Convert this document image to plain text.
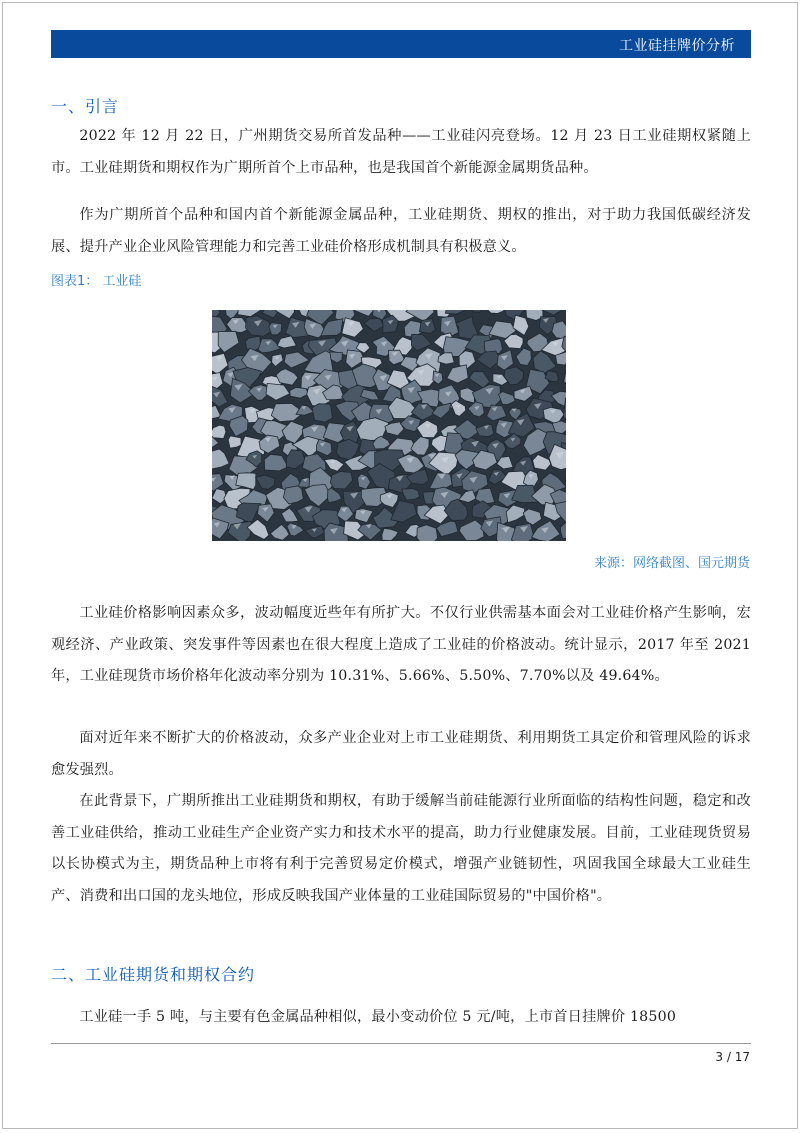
工业硅挂牌价分析
一、引言

2022 年 12 月 22 日，广州期货交易所首发品种——工业硅闪亮登场。12 月 23 日工业硅期权紧随上市。工业硅期货和期权作为广期所首个上市品种，也是我国首个新能源金属期货品种。

作为广期所首个品种和国内首个新能源金属品种，工业硅期货、期权的推出，对于助力我国低碳经济发展、提升产业企业风险管理能力和完善工业硅价格形成机制具有积极意义。

图表1： 工业硅
来源：网络截图、国元期货

工业硅价格影响因素众多，波动幅度近些年有所扩大。不仅行业供需基本面会对工业硅价格产生影响，宏观经济、产业政策、突发事件等因素也在很大程度上造成了工业硅的价格波动。统计显示，2017 年至 2021 年，工业硅现货市场价格年化波动率分别为 10.31%、5.66%、5.50%、7.70%以及 49.64%。

面对近年来不断扩大的价格波动，众多产业企业对上市工业硅期货、利用期货工具定价和管理风险的诉求愈发强烈。

在此背景下，广期所推出工业硅期货和期权，有助于缓解当前硅能源行业所面临的结构性问题，稳定和改善工业硅供给，推动工业硅生产企业资产实力和技术水平的提高，助力行业健康发展。目前，工业硅现货贸易以长协模式为主，期货品种上市将有利于完善贸易定价模式，增强产业链韧性，巩固我国全球最大工业硅生产、消费和出口国的龙头地位，形成反映我国产业体量的工业硅国际贸易的"中国价格"。

二、工业硅期货和期权合约

工业硅一手 5 吨，与主要有色金属品种相似，最小变动价位 5 元/吨，上市首日挂牌价 18500

3 / 17
